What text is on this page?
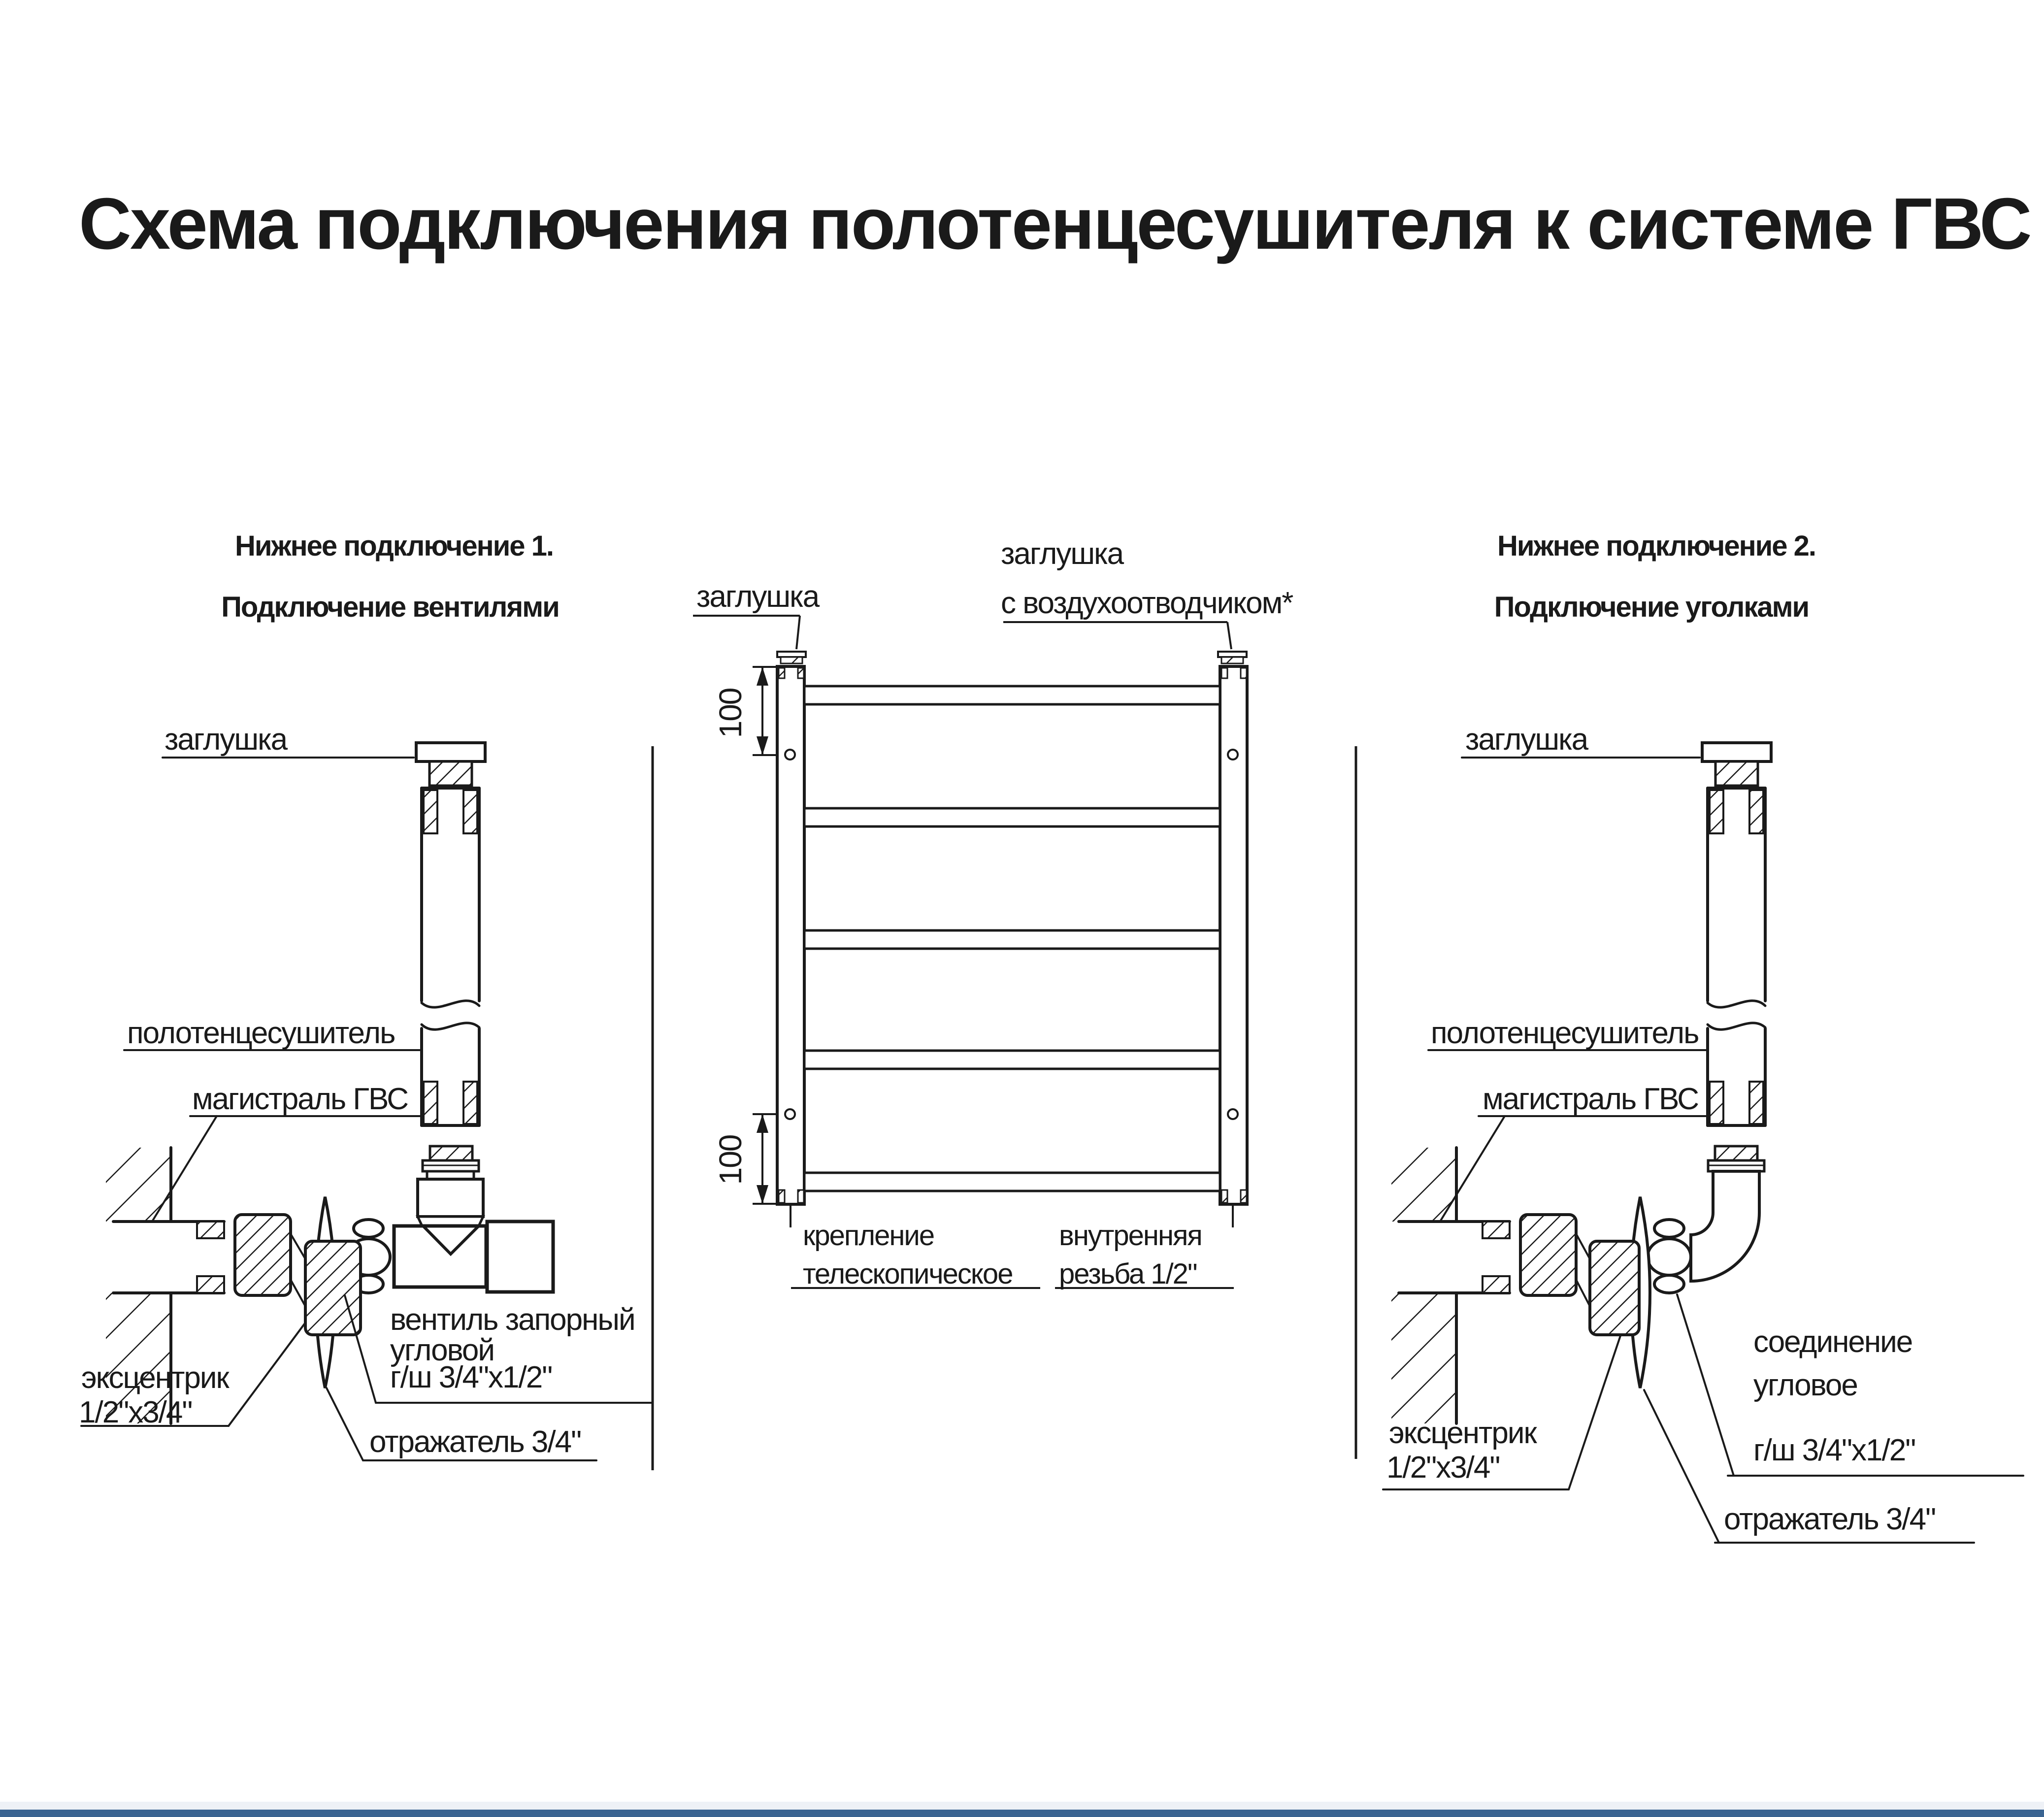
Схема подключения полотенцесушителя к системе ГВС
Нижнее подключение 1.
Подключение вентилями
Нижнее подключение 2.
Подключение уголками
заглушка
полотенцесушитель
магистраль ГВС
эксцентрик
1/2"x3/4"
вентиль запорный
угловой
г/ш 3/4"x1/2"
отражатель 3/4"
заглушка
заглушка
с воздухоотводчиком*
100
100
крепление
телескопическое
внутренняя
резьба 1/2"
заглушка
полотенцесушитель
магистраль ГВС
эксцентрик
1/2"x3/4"
соединение
угловое
г/ш 3/4"x1/2"
отражатель 3/4"
